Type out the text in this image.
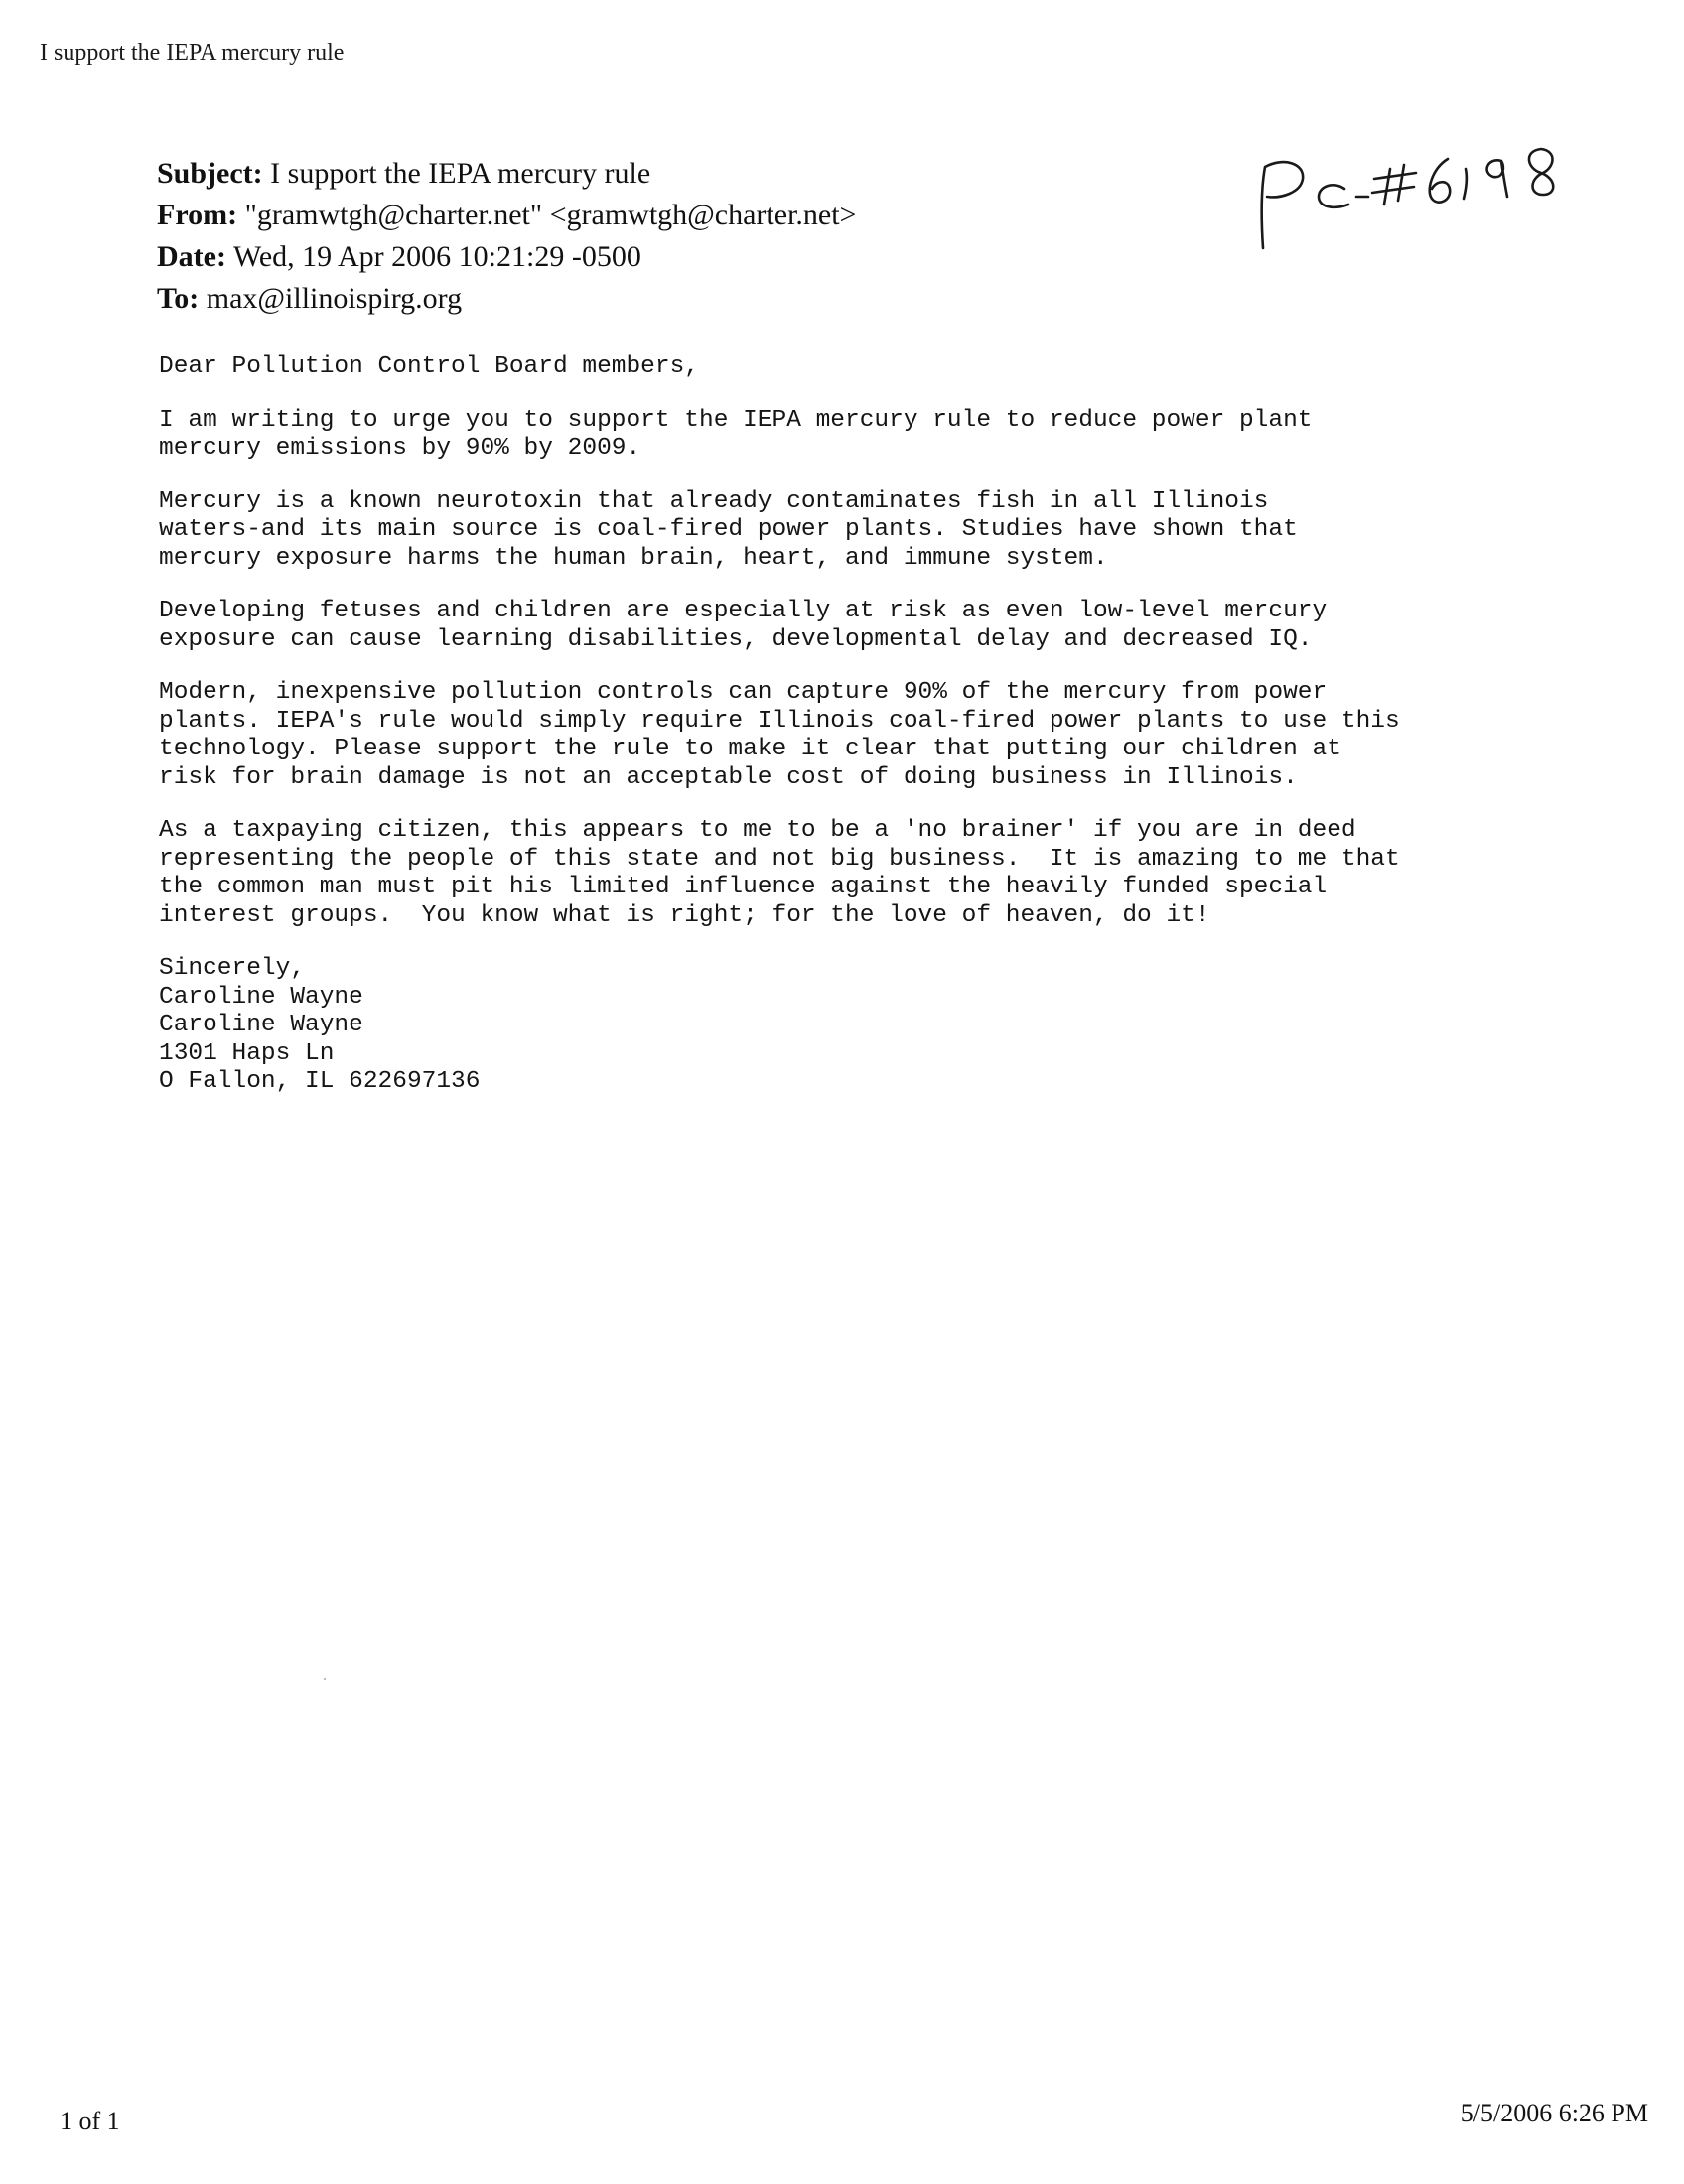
I support the IEPA mercury rule
Subject: I support the IEPA mercury rule
From: "gramwtgh@charter.net" <gramwtgh@charter.net>
Date: Wed, 19 Apr 2006 10:21:29 -0500
To: max@illinoispirg.org

Dear Pollution Control Board members,

I am writing to urge you to support the IEPA mercury rule to reduce power plant
mercury emissions by 90% by 2009.

Mercury is a known neurotoxin that already contaminates fish in all Illinois
waters-and its main source is coal-fired power plants. Studies have shown that
mercury exposure harms the human brain, heart, and immune system.

Developing fetuses and children are especially at risk as even low-level mercury
exposure can cause learning disabilities, developmental delay and decreased IQ.

Modern, inexpensive pollution controls can capture 90% of the mercury from power
plants. IEPA's rule would simply require Illinois coal-fired power plants to use this
technology. Please support the rule to make it clear that putting our children at
risk for brain damage is not an acceptable cost of doing business in Illinois.

As a taxpaying citizen, this appears to me to be a 'no brainer' if you are in deed
representing the people of this state and not big business.  It is amazing to me that
the common man must pit his limited influence against the heavily funded special
interest groups.  You know what is right; for the love of heaven, do it!

Sincerely,
Caroline Wayne
Caroline Wayne
1301 Haps Ln
O Fallon, IL 622697136
1 of 1	5/5/2006 6:26 PM
